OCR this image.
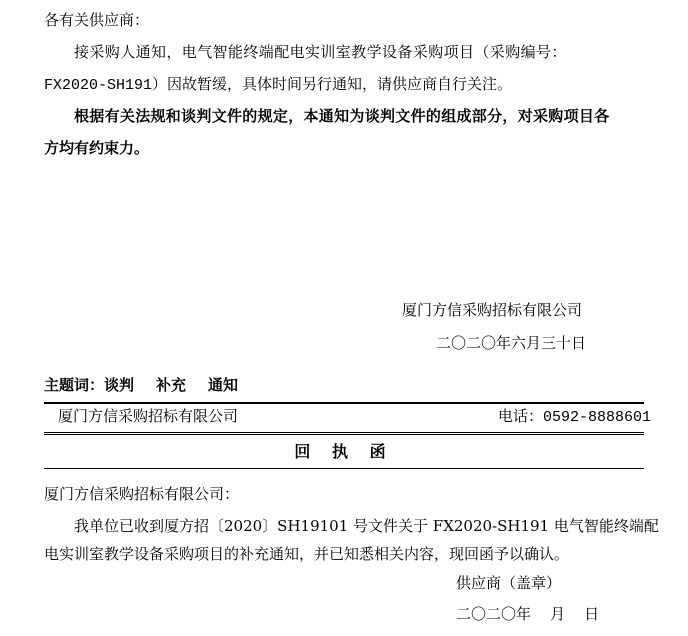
各有关供应商：
接采购人通知，电气智能终端配电实训室教学设备采购项目（采购编号：
FX2020-SH191）因故暂缓，具体时间另行通知，请供应商自行关注。
根据有关法规和谈判文件的规定，本通知为谈判文件的组成部分，对采购项目各
方均有约束力。
厦门方信采购招标有限公司
二〇二〇年六月三十日
主题词：谈判 补充 通知
厦门方信采购招标有限公司	电话：0592-8888601
回 执 函
厦门方信采购招标有限公司：
我单位已收到厦方招〔2020〕SH19101 号文件关于 FX2020-SH191 电气智能终端配
电实训室教学设备采购项目的补充通知，并已知悉相关内容，现回函予以确认。
供应商（盖章）
二〇二〇年    月    日
